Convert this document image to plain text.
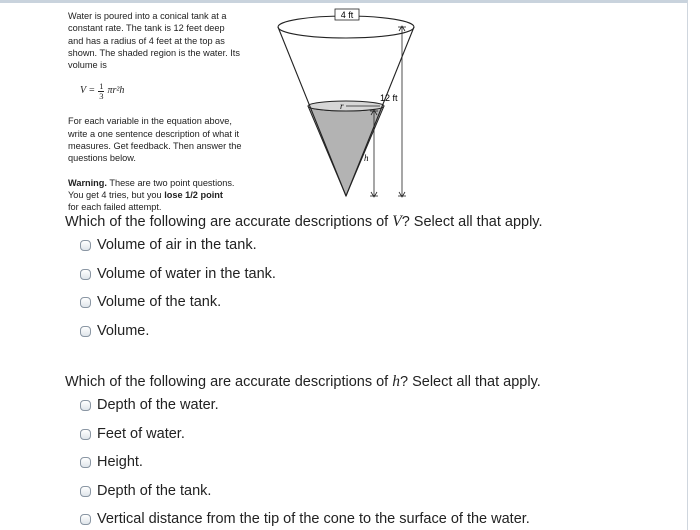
Water is poured into a conical tank at a

constant rate. The tank is 12 feet deep

and has a radius of 4 feet at the top as

shown. The shaded region is the water. Its

volume is

$V = \frac{1}{3} \pi r^2h$

For each variable in the equation above,

write a one sentence description of what it

measures. Get feedback. Then answer the

questions below.

Warning. These are two point questions.

You get 4 tries, but you lose 1/2 point

for each failed attempt.

4 ft
r
h
12 ft
Which of the following are accurate descriptions of V? Select all that apply.
Volume of air in the tank.
Volume of water in the tank.
Volume of the tank.
Volume.
Which of the following are accurate descriptions of h? Select all that apply.
Depth of the water.
Feet of water.
Height.
Depth of the tank.
Vertical distance from the tip of the cone to the surface of the water.
